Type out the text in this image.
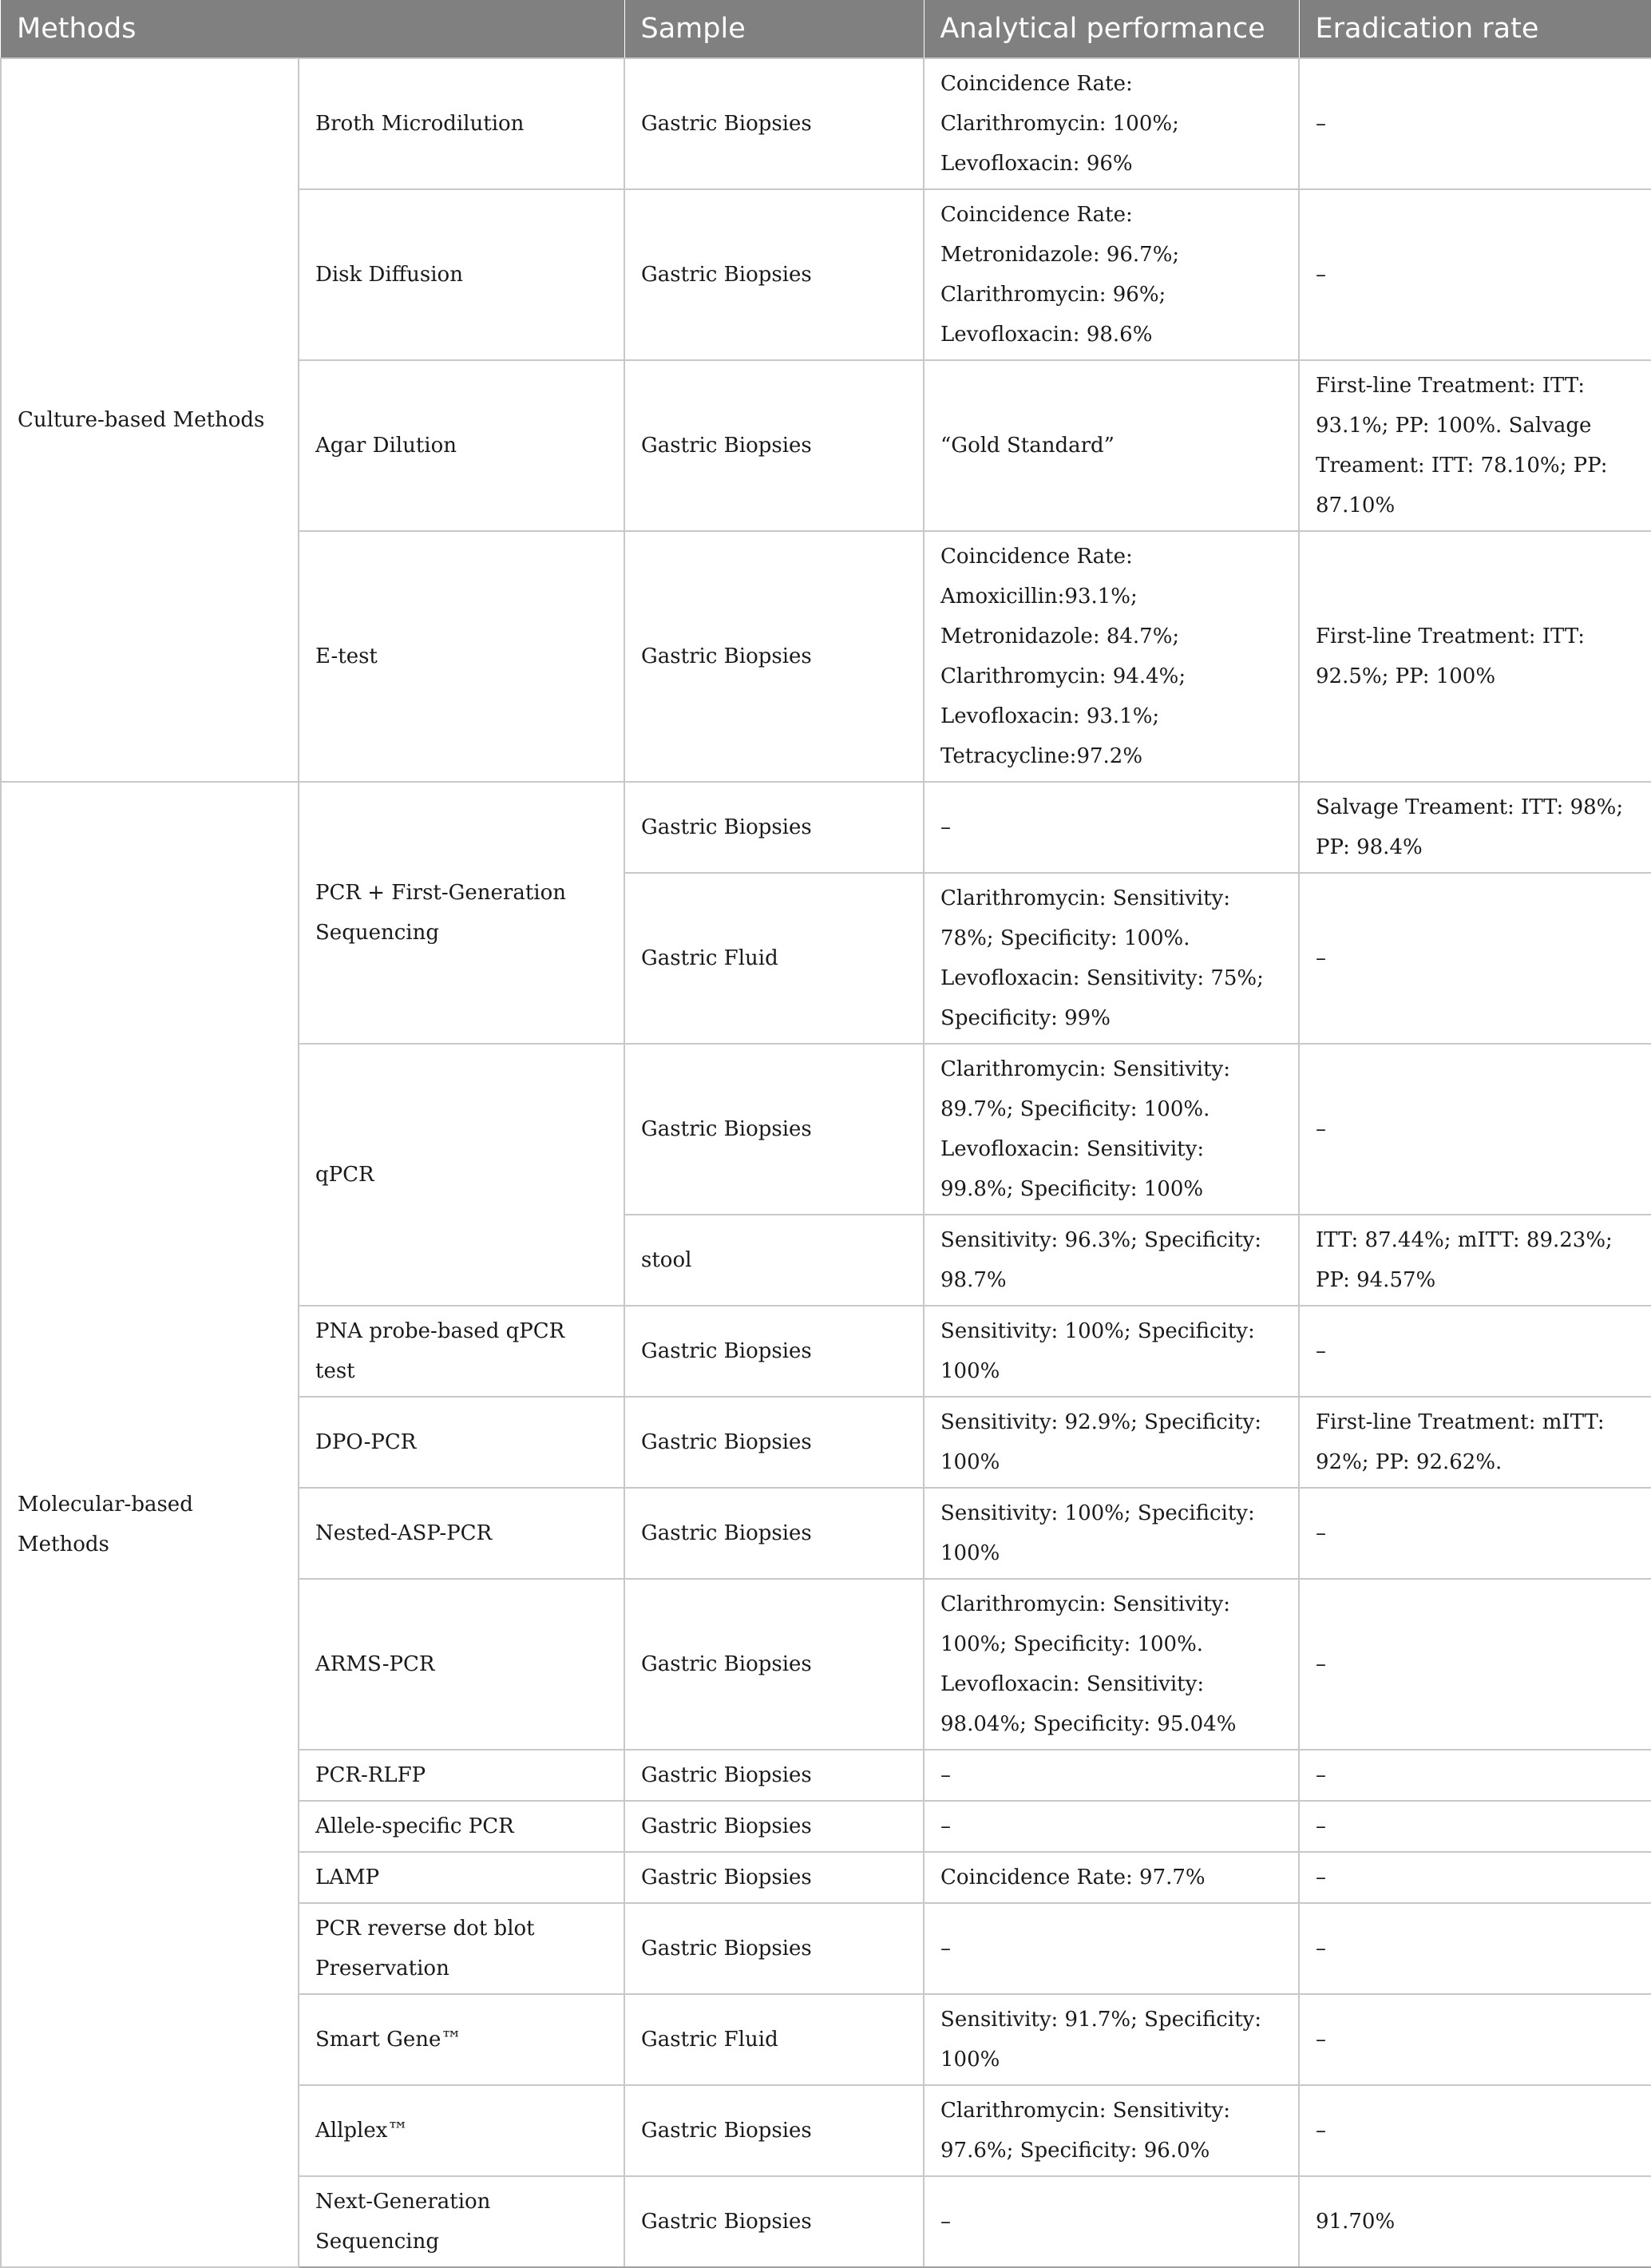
Methods		Sample	Analytical performance	Eradication rate
Culture-based Methods	Broth Microdilution	Gastric Biopsies	Coincidence Rate: Clarithromycin: 100%; Levofloxacin: 96%	–
	Disk Diffusion	Gastric Biopsies	Coincidence Rate: Metronidazole: 96.7%; Clarithromycin: 96%; Levofloxacin: 98.6%	–
	Agar Dilution	Gastric Biopsies	“Gold Standard”	First-line Treatment: ITT: 93.1%; PP: 100%. Salvage Treament: ITT: 78.10%; PP: 87.10%
	E-test	Gastric Biopsies	Coincidence Rate: Amoxicillin:93.1%; Metronidazole: 84.7%; Clarithromycin: 94.4%; Levofloxacin: 93.1%; Tetracycline:97.2%	First-line Treatment: ITT: 92.5%; PP: 100%
Molecular-based Methods	PCR + First-Generation Sequencing	Gastric Biopsies	–	Salvage Treament: ITT: 98%; PP: 98.4%
		Gastric Fluid	Clarithromycin: Sensitivity: 78%; Specificity: 100%. Levofloxacin: Sensitivity: 75%; Specificity: 99%	–
	qPCR	Gastric Biopsies	Clarithromycin: Sensitivity: 89.7%; Specificity: 100%. Levofloxacin: Sensitivity: 99.8%; Specificity: 100%	–
		stool	Sensitivity: 96.3%; Specificity: 98.7%	ITT: 87.44%; mITT: 89.23%; PP: 94.57%
	PNA probe-based qPCR test	Gastric Biopsies	Sensitivity: 100%; Specificity: 100%	–
	DPO-PCR	Gastric Biopsies	Sensitivity: 92.9%; Specificity: 100%	First-line Treatment: mITT: 92%; PP: 92.62%.
	Nested-ASP-PCR	Gastric Biopsies	Sensitivity: 100%; Specificity: 100%	–
	ARMS-PCR	Gastric Biopsies	Clarithromycin: Sensitivity: 100%; Specificity: 100%. Levofloxacin: Sensitivity: 98.04%; Specificity: 95.04%	–
	PCR-RLFP	Gastric Biopsies	–	–
	Allele-specific PCR	Gastric Biopsies	–	–
	LAMP	Gastric Biopsies	Coincidence Rate: 97.7%	–
	PCR reverse dot blot Preservation	Gastric Biopsies	–	–
	Smart Gene™	Gastric Fluid	Sensitivity: 91.7%; Specificity: 100%	–
	Allplex™	Gastric Biopsies	Clarithromycin: Sensitivity: 97.6%; Specificity: 96.0%	–
	Next-Generation Sequencing	Gastric Biopsies	–	91.70%
